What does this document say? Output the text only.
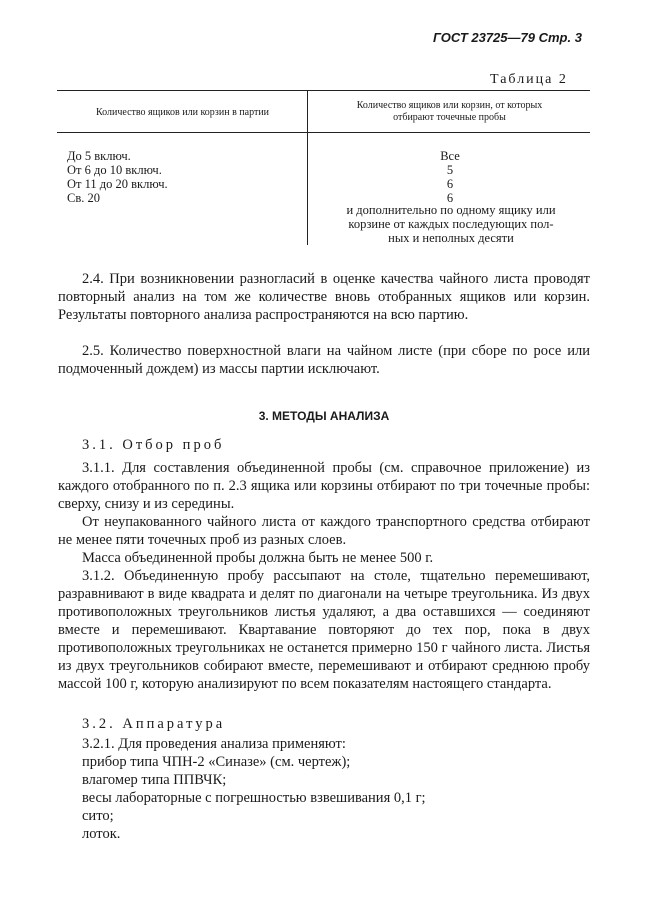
ГОСТ 23725—79 Стр. 3
Таблица 2
Количество ящиков или корзин в партии
Количество ящиков или корзин, от которых
отбирают точечные пробы
До 5 включ.
От 6 до 10 включ.
От 11 до 20 включ.
Св. 20
Все
5
6
6
и дополнительно по одному ящику или
корзине от каждых последующих пол-
ных и неполных десяти
2.4. При возникновении разногласий в оценке качества чайного листа проводят повторный анализ на том же количестве вновь отобранных ящиков или корзин. Результаты повторного анализа распространяются на всю партию.
2.5. Количество поверхностной влаги на чайном листе (при сборе по росе или подмоченный дождем) из массы партии исключают.
3. МЕТОДЫ АНАЛИЗА
3.1. Отбор проб
3.1.1. Для составления объединенной пробы (см. справочное приложение) из каждого отобранного по п. 2.3 ящика или корзины отбирают по три точечные пробы: сверху, снизу и из середины.
От неупакованного чайного листа от каждого транспортного средства отбирают не менее пяти точечных проб из разных слоев.
Масса объединенной пробы должна быть не менее 500 г.
3.1.2. Объединенную пробу рассыпают на столе, тщательно перемешивают, разравнивают в виде квадрата и делят по диагонали на четыре треугольника. Из двух противоположных треугольников листья удаляют, а два оставшихся — соединяют вместе и перемешивают. Квартавание повторяют до тех пор, пока в двух противоположных треугольниках не останется примерно 150 г чайного листа. Листья из двух треугольников собирают вместе, перемешивают и отбирают среднюю пробу массой 100 г, которую анализируют по всем показателям настоящего стандарта.
3.2. Аппаратура
3.2.1. Для проведения анализа применяют:
прибор типа ЧПН-2 «Синазе» (см. чертеж);
влагомер типа ППВЧК;
весы лабораторные с погрешностью взвешивания 0,1 г;
сито;
лоток.
